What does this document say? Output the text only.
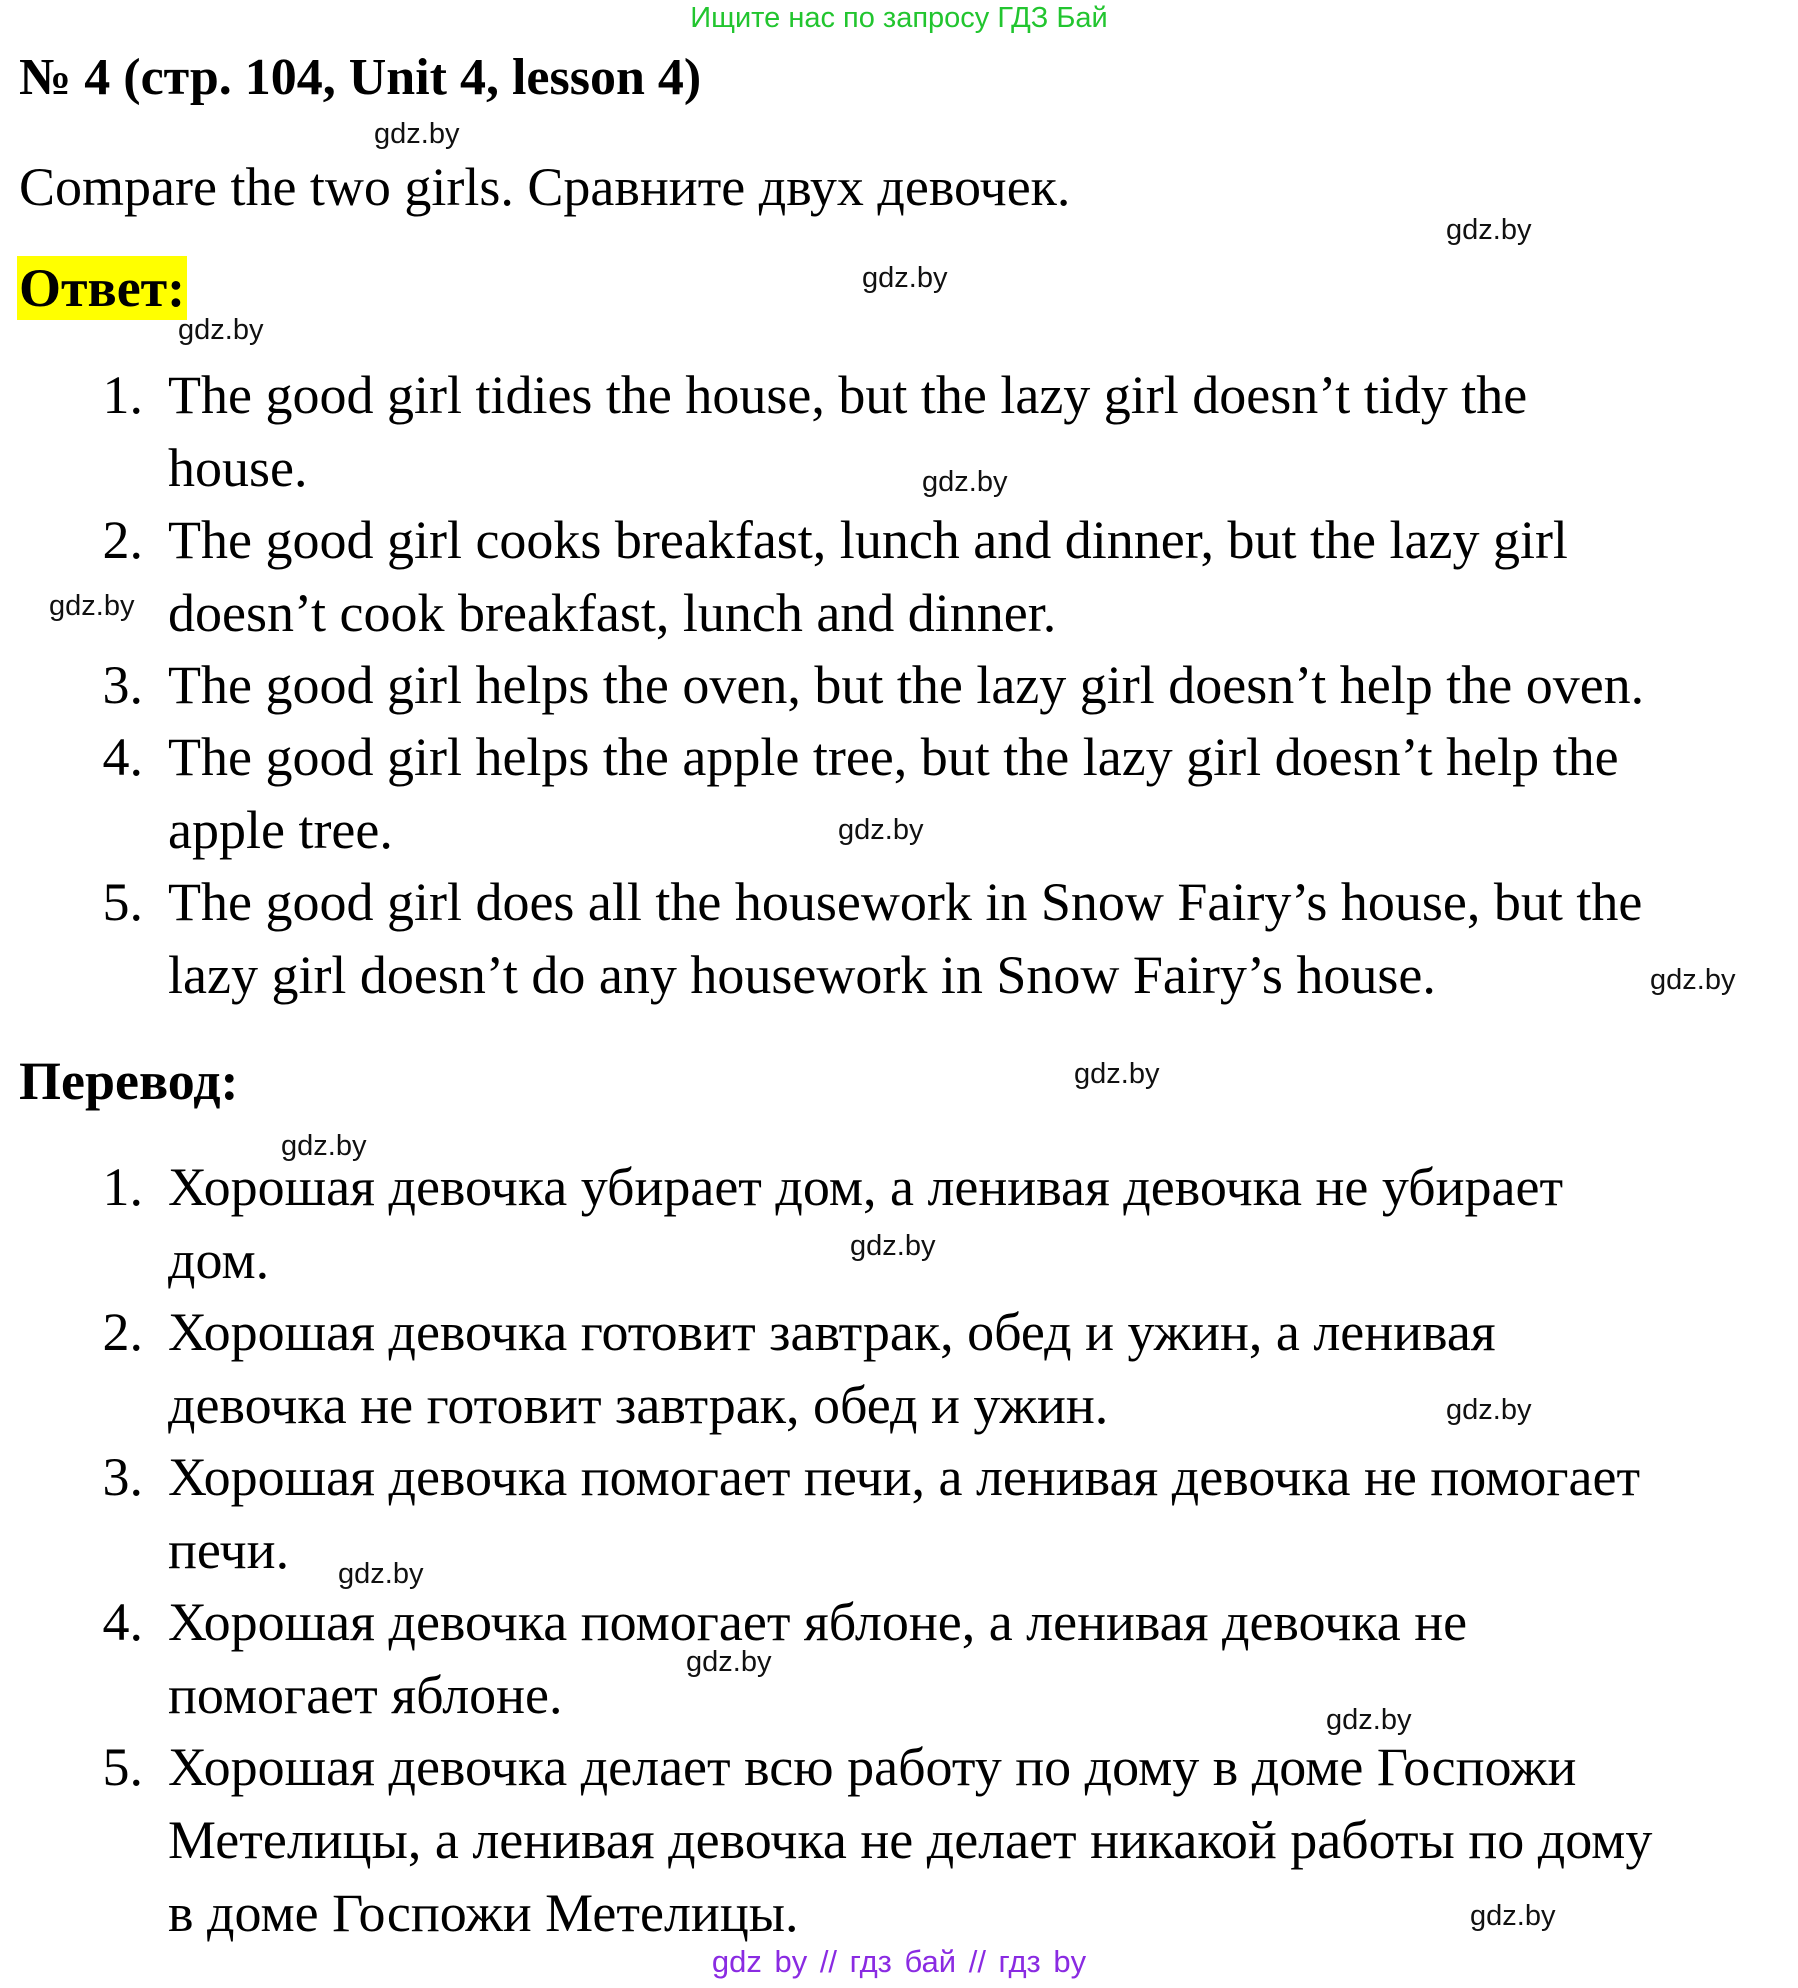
Ищите нас по запросу ГДЗ Бай
№ 4 (стр. 104, Unit 4, lesson 4)
Compare the two girls. Сравните двух девочек.
Ответ:
1. The good girl tidies the house, but the lazy girl doesn’t tidy the
house.
2. The good girl cooks breakfast, lunch and dinner, but the lazy girl
doesn’t cook breakfast, lunch and dinner.
3. The good girl helps the oven, but the lazy girl doesn’t help the oven.
4. The good girl helps the apple tree, but the lazy girl doesn’t help the
apple tree.
5. The good girl does all the housework in Snow Fairy’s house, but the
lazy girl doesn’t do any housework in Snow Fairy’s house.
Перевод:
1. Хорошая девочка убирает дом, а ленивая девочка не убирает
дом.
2. Хорошая девочка готовит завтрак, обед и ужин, а ленивая
девочка не готовит завтрак, обед и ужин.
3. Хорошая девочка помогает печи, а ленивая девочка не помогает
печи.
4. Хорошая девочка помогает яблоне, а ленивая девочка не
помогает яблоне.
5. Хорошая девочка делает всю работу по дому в доме Госпожи
Метелицы, а ленивая девочка не делает никакой работы по дому
в доме Госпожи Метелицы.
gdz.by
gdz.by
gdz.by
gdz.by
gdz.by
gdz.by
gdz.by
gdz.by
gdz.by
gdz.by
gdz.by
gdz.by
gdz.by
gdz.by
gdz.by
gdz.by
gdz by // гдз бай // гдз by
